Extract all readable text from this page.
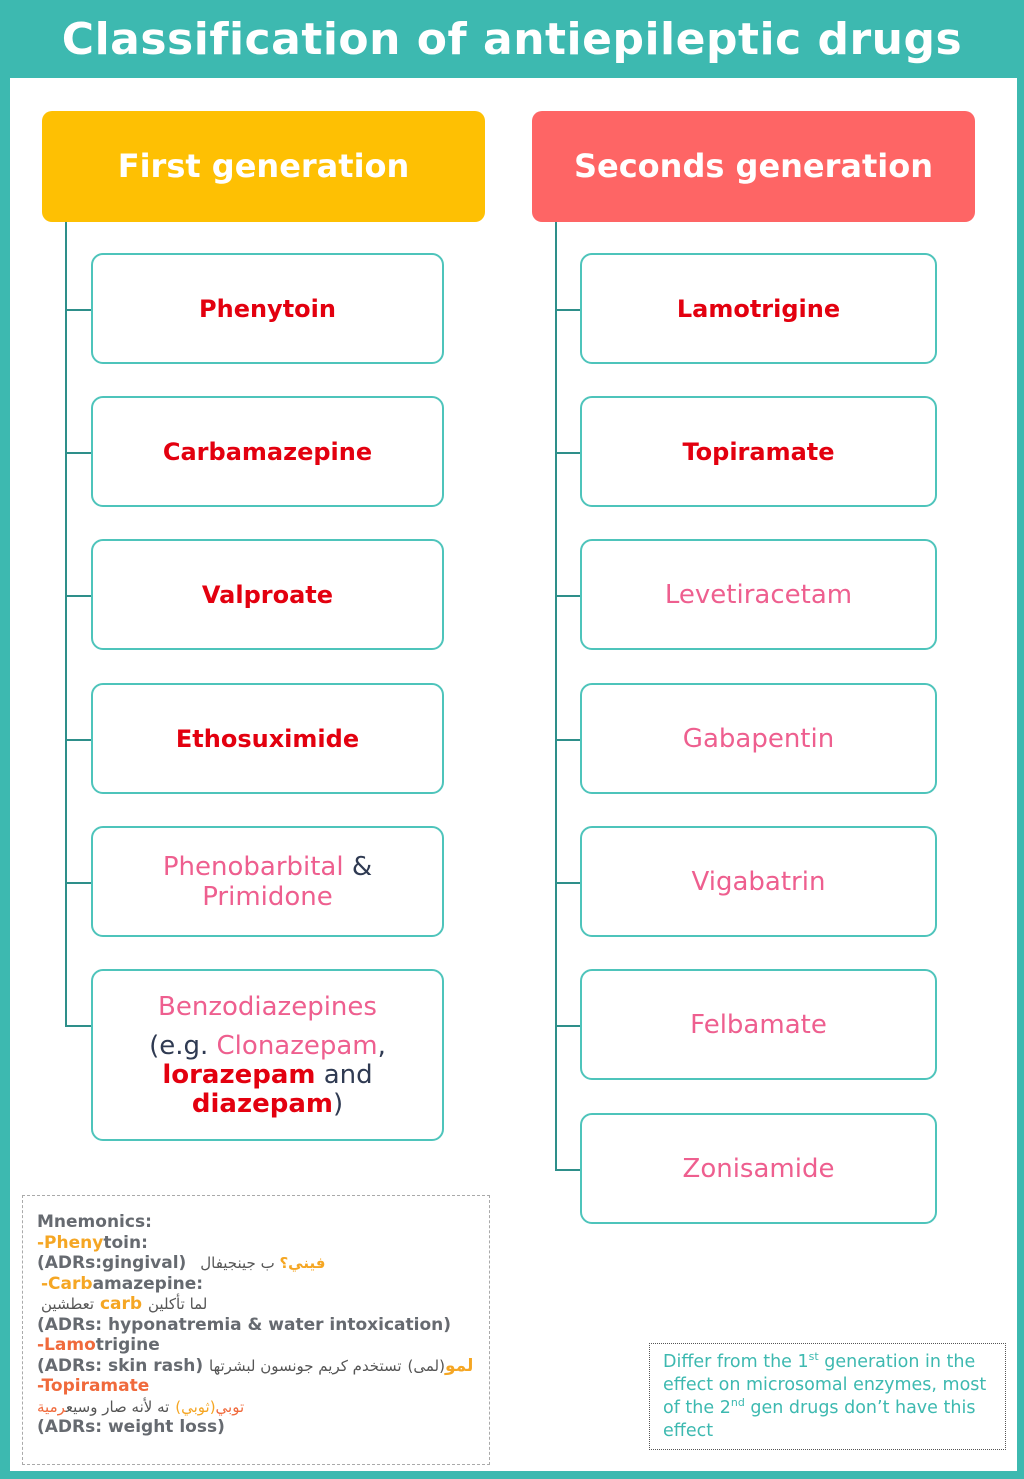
Classification of antiepileptic drugs
First generation	Seconds generation
Phenytoin
Carbamazepine
Valproate
Ethosuximide
Phenobarbital &
Primidone
Benzodiazepines
(e.g. Clonazepam,
lorazepam and
diazepam)
Lamotrigine
Topiramate
Levetiracetam
Gabapentin
Vigabatrin
Felbamate
Zonisamide
Mnemonics:
-Phenytoin:
(ADRs:gingival)	فيني؟ ب جينجيفال
-Carbamazepine:
تعطشين carb لما تأكلين
(ADRs: hyponatremia & water intoxication)
-Lamotrigine
(ADRs: skin rash)	لمو(لمى) تستخدم كريم جونسون لبشرتها
-Topiramate
توبي(ثوبي) ته لأنه صار وسيعرمية
(ADRs: weight loss)
Differ from the 1st generation in the effect on microsomal enzymes, most of the 2nd gen drugs don’t have this effect
